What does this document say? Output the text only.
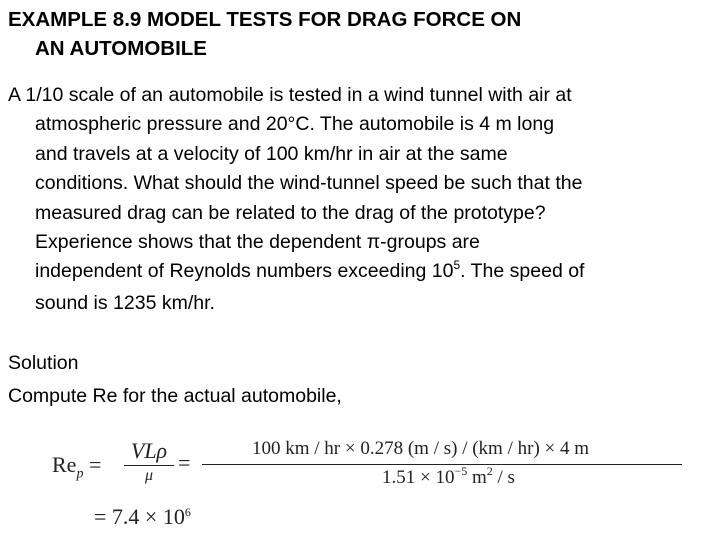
EXAMPLE 8.9 MODEL TESTS FOR DRAG FORCE ON
AN AUTOMOBILE
A 1/10 scale of an automobile is tested in a wind tunnel with air at
atmospheric pressure and 20°C. The automobile is 4 m long
and travels at a velocity of 100 km/hr in air at the same
conditions. What should the wind-tunnel speed be such that the
measured drag can be related to the drag of the prototype?
Experience shows that the dependent π-groups are
independent of Reynolds numbers exceeding $10^5$. The speed of
sound is 1235 km/hr.
Solution
Compute Re for the actual automobile,
$Re_p$ =
VLρ
μ
=
100 km / hr × 0.278 (m / s) / (km / hr) × 4 m
$1.51 \times 10^{-5}$ $m^2$ / s
= $7.4 \times 10^6$
